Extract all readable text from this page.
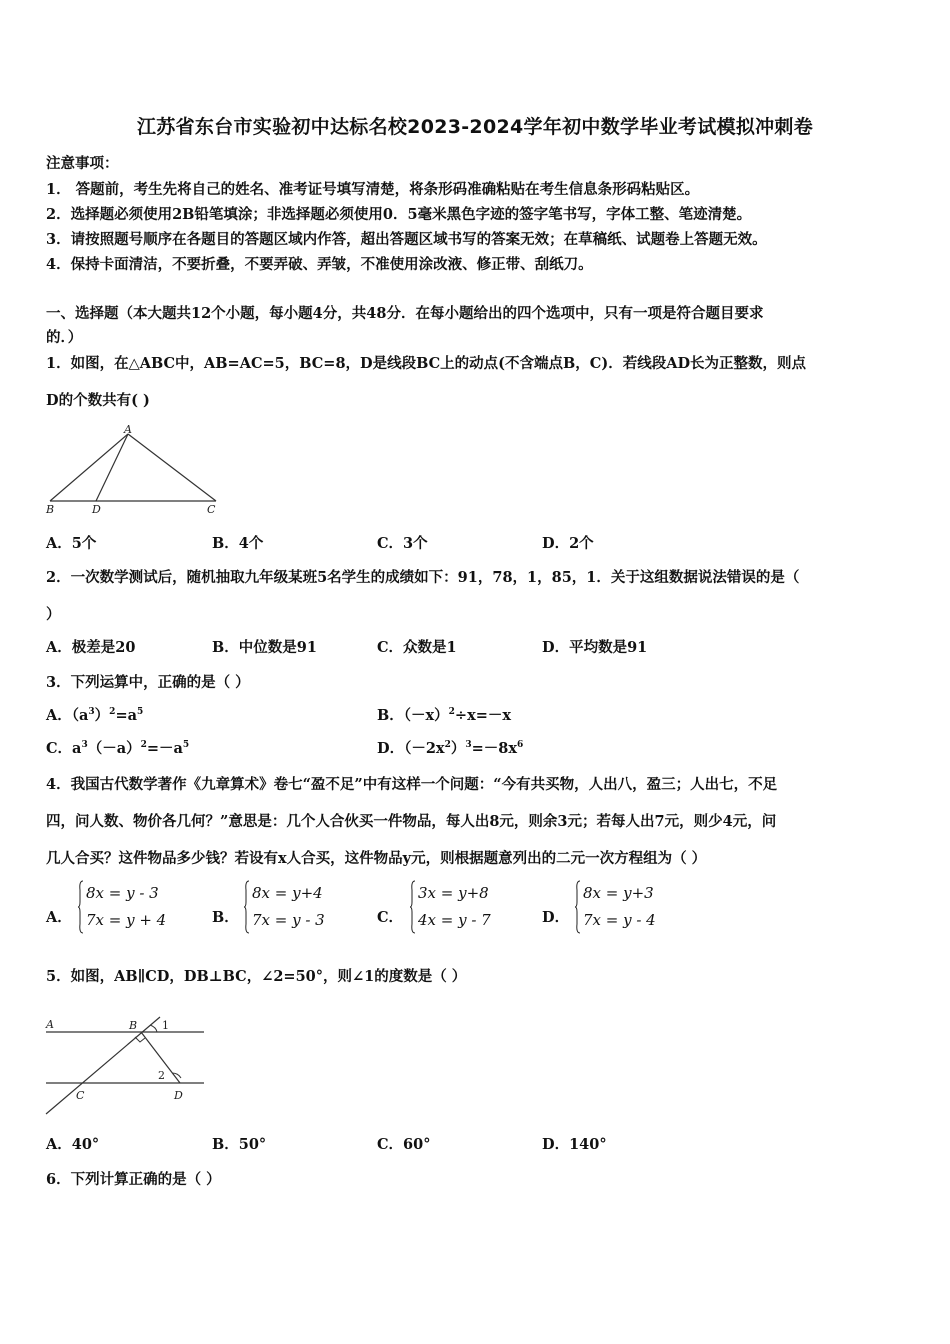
江苏省东台市实验初中达标名校2023-2024学年初中数学毕业考试模拟冲刺卷
注意事项：
1． 答题前，考生先将自己的姓名、准考证号填写清楚，将条形码准确粘贴在考生信息条形码粘贴区。
2．选择题必须使用2B铅笔填涂；非选择题必须使用0．5毫米黑色字迹的签字笔书写，字体工整、笔迹清楚。
3．请按照题号顺序在各题目的答题区域内作答，超出答题区域书写的答案无效；在草稿纸、试题卷上答题无效。
4．保持卡面清洁，不要折叠，不要弄破、弄皱，不准使用涂改液、修正带、刮纸刀。
一、选择题（本大题共12个小题，每小题4分，共48分．在每小题给出的四个选项中，只有一项是符合题目要求
的．）
1．如图，在△ABC中，AB=AC=5，BC=8，D是线段BC上的动点(不含端点B，C)．若线段AD长为正整数，则点
D的个数共有( )
A
B	D	C
A．5个	B．4个	C．3个	D．2个
2．一次数学测试后，随机抽取九年级某班5名学生的成绩如下：91，78，1，85，1．关于这组数据说法错误的是（
）
A．极差是20	B．中位数是91	C．众数是1	D．平均数是91
3．下列运算中，正确的是（ ）
A．$(a^3)^2=a^5$	B．$(-x)^2\div x=-x$
C．$a^3(-a)^2=-a^5$	D．$(-2x^2)^3=-8x^6$
4．我国古代数学著作《九章算术》卷七“盈不足”中有这样一个问题：“今有共买物，人出八，盈三；人出七，不足
四，问人数、物价各几何？”意思是：几个人合伙买一件物品，每人出8元，则余3元；若每人出7元，则少4元，问
几人合买？这件物品多少钱？若设有x人合买，这件物品y元，则根据题意列出的二元一次方程组为（ ）
A．
8x = y - 3
7x = y + 4	B．
8x = y+4
7x = y - 3	C．
3x = y+8
4x = y - 7	D．
8x = y+3
7x = y - 4
5．如图，AB∥CD，DB⊥BC，∠2=50°，则∠1的度数是（ ）
A	B 1
2
C	D
A．40°	B．50°	C．60°	D．140°
6．下列计算正确的是（ ）
